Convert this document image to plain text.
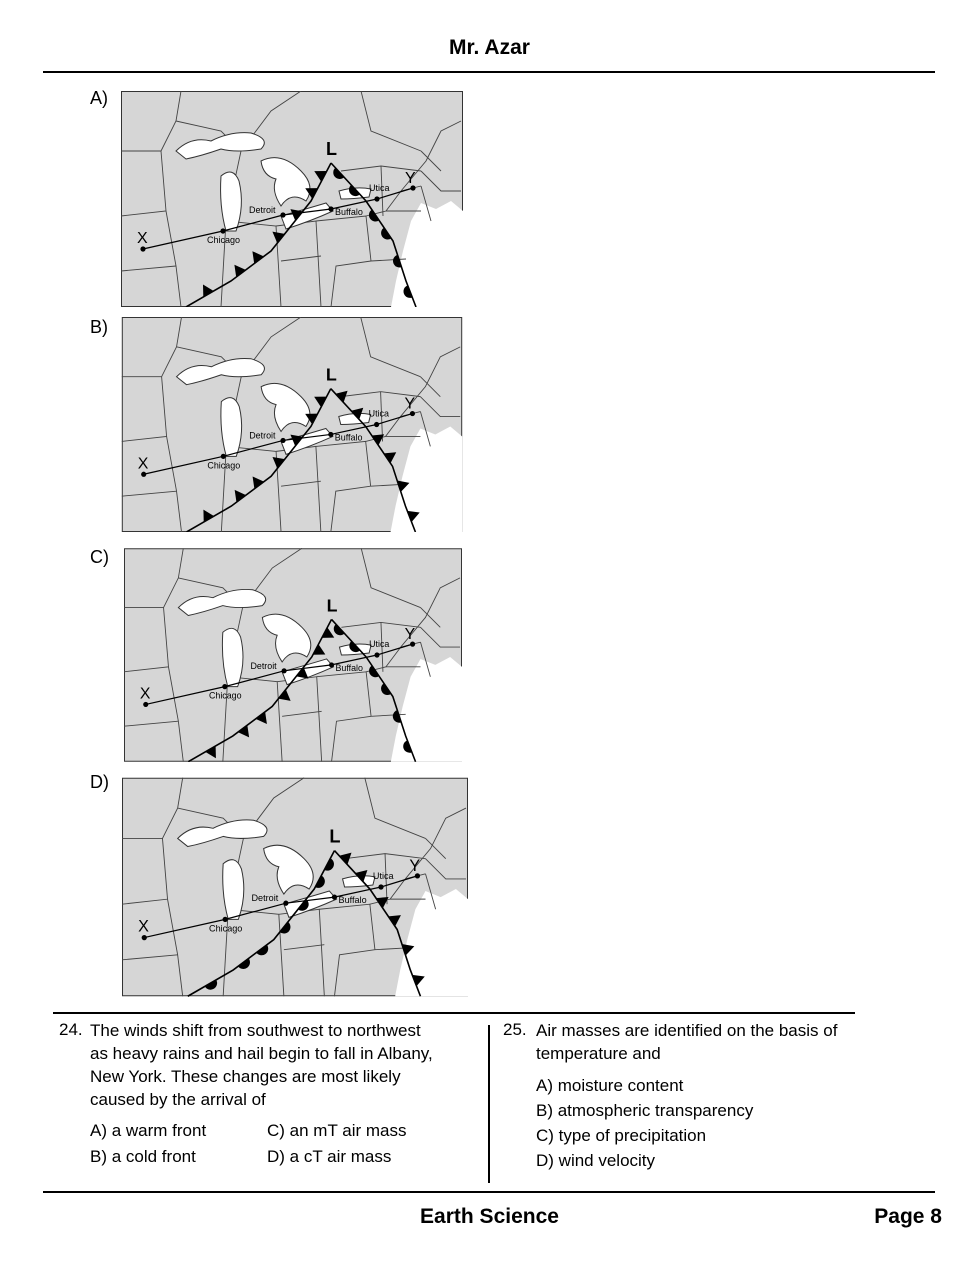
Mr. Azar
A)
Utica
Detroit	Buffalo
Chicago
X
Y
L
B)
Utica
Detroit	Buffalo
Chicago
X
Y
L
C)
Utica
Detroit	Buffalo
Chicago
X
Y
L
D)
Utica
Detroit	Buffalo
Chicago
X
Y
L
24. The winds shift from southwest to northwest
as heavy rains and hail begin to fall in Albany,
New York. These changes are most likely
caused by the arrival of
A) a warm front	C) an mT air mass
B) a cold front	D) a cT air mass
25. Air masses are identified on the basis of
temperature and
A) moisture content
B) atmospheric transparency
C) type of precipitation
D) wind velocity
Earth Science	Page 8
